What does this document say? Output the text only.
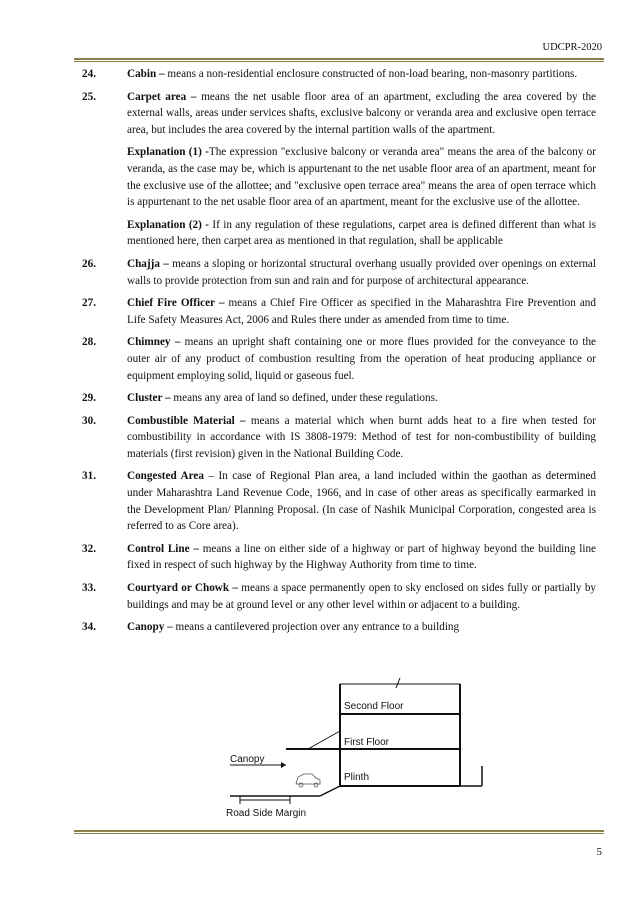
UDCPR-2020
24.	Cabin – means a non-residential enclosure constructed of non-load bearing, non-masonry partitions.
25.	Carpet area – means the net usable floor area of an apartment, excluding the area covered by the external walls, areas under services shafts, exclusive balcony or veranda area and exclusive open terrace area, but includes the area covered by the internal partition walls of the apartment.
Explanation (1) -The expression "exclusive balcony or veranda area" means the area of the balcony or veranda, as the case may be, which is appurtenant to the net usable floor area of an apartment, meant for the exclusive use of the allottee; and "exclusive open terrace area" means the area of open terrace which is appurtenant to the net usable floor area of an apartment, meant for the exclusive use of the allottee.
Explanation (2) - If in any regulation of these regulations, carpet area is defined different than what is mentioned here, then carpet area as mentioned in that regulation, shall be applicable
26.	Chajja – means a sloping or horizontal structural overhang usually provided over openings on external walls to provide protection from sun and rain and for purpose of architectural appearance.
27.	Chief Fire Officer – means a Chief Fire Officer as specified in the Maharashtra Fire Prevention and Life Safety Measures Act, 2006 and Rules there under as amended from time to time.
28.	Chimney – means an upright shaft containing one or more flues provided for the conveyance to the outer air of any product of combustion resulting from the operation of heat producing appliance or equipment employing solid, liquid or gaseous fuel.
29.	Cluster – means any area of land so defined, under these regulations.
30.	Combustible Material – means a material which when burnt adds heat to a fire when tested for combustibility in accordance with IS 3808-1979: Method of test for non-combustibility of building materials (first revision) given in the National Building Code.
31.	Congested Area – In case of Regional Plan area, a land included within the gaothan as determined under Maharashtra Land Revenue Code, 1966, and in case of other areas as specifically earmarked in the Development Plan/ Planning Proposal. (In case of Nashik Municipal Corporation, congested area is referred to as Core area).
32.	Control Line – means a line on either side of a highway or part of highway beyond the building line fixed in respect of such highway by the Highway Authority from time to time.
33.	Courtyard or Chowk – means a space permanently open to sky enclosed on sides fully or partially by buildings and may be at ground level or any other level within or adjacent to a building.
34.	Canopy – means a cantilevered projection over any entrance to a building
Second Floor
First Floor
Plinth
Canopy
Road Side Margin
5
